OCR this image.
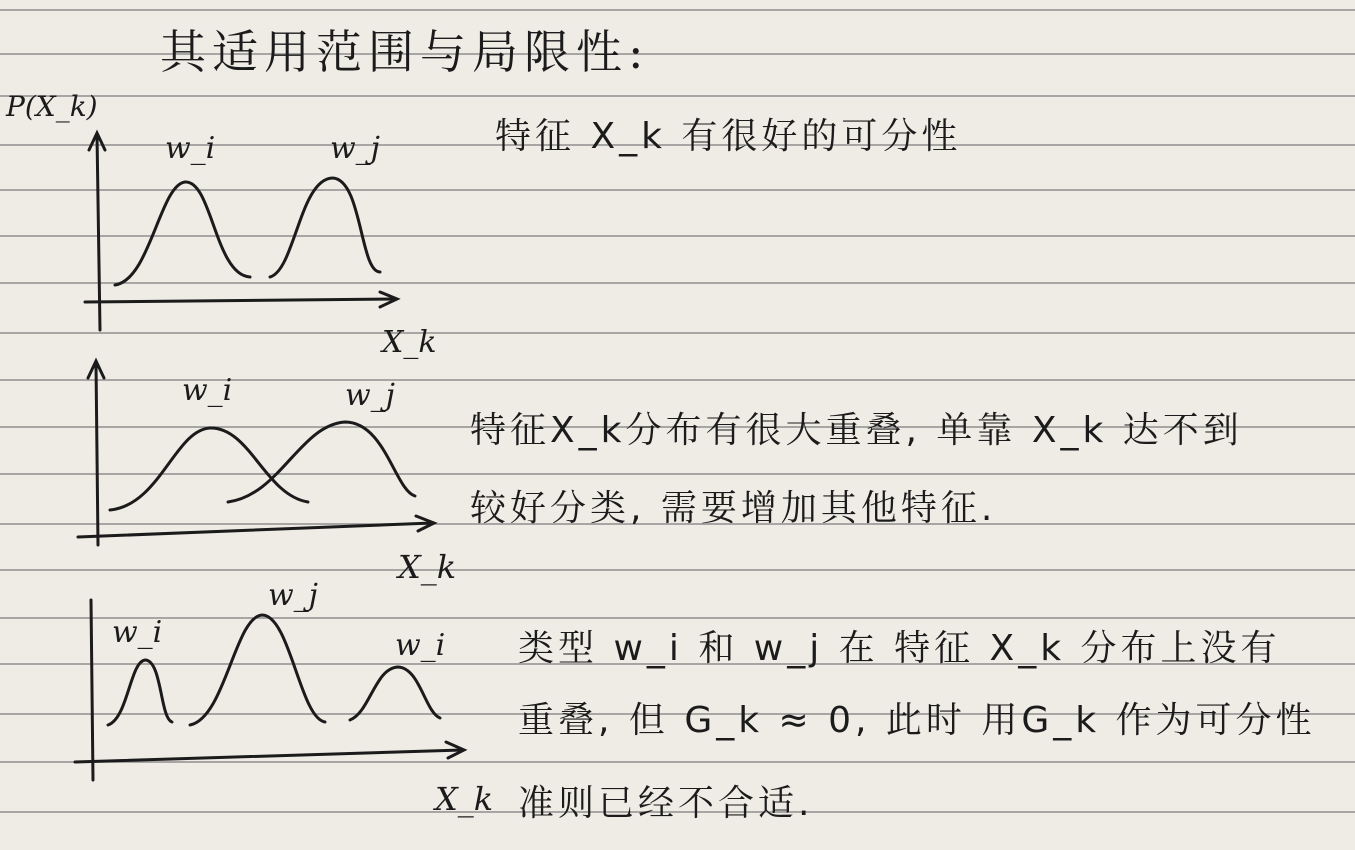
其适用范围与局限性:
P(X_k)
X_k
w_i	w_j	特征 X_k 有很好的可分性
X_k
w_i	w_j
特征X_k分布有很大重叠, 单靠 X_k 达不到
较好分类, 需要增加其他特征.
X_k
w_i
w_j
w_i 类型 w_i 和 w_j 在 特征 X_k 分布上没有
重叠, 但 G_k ≈ 0, 此时 用G_k 作为可分性
准则已经不合适.
